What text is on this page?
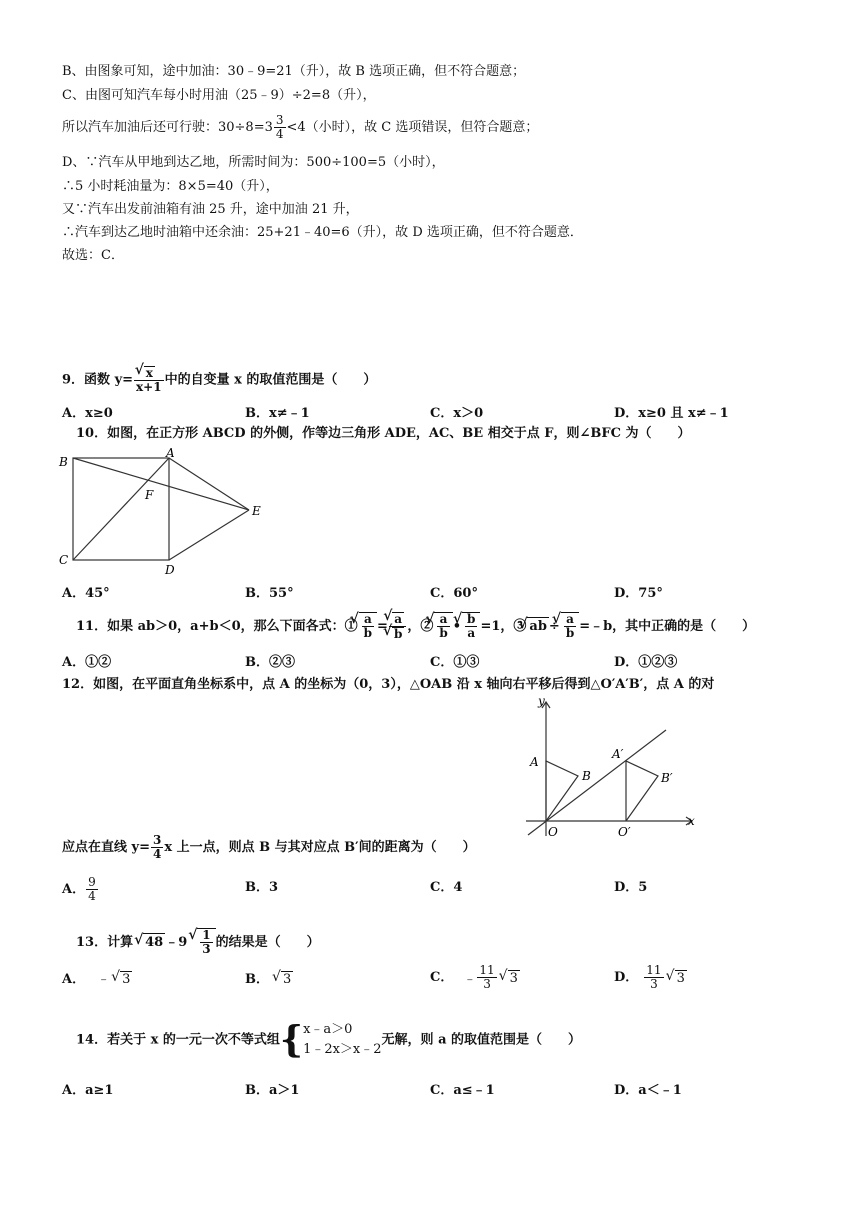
B、由图象可知，途中加油：30﹣9=21（升），故 B 选项正确，但不符合题意；
C、由图可知汽车每小时用油（25﹣9）÷2=8（升），
所以汽车加油后还可行驶：$30\div 8=3 \frac{3}{4} <4$（小时），故 C 选项错误，但符合题意；
D、∵汽车从甲地到达乙地，所需时间为：500÷100=5（小时），
∴5 小时耗油量为：8×5=40（升），
又∵汽车出发前油箱有油 25 升，途中加油 21 升，
∴汽车到达乙地时油箱中还余油：25+21﹣40=6（升），故 D 选项正确，但不符合题意．
故选：C．
9．函数 y= √ $\frac{x}{x+1}$ 中的自变量 x 的取值范围是（　　）
A．x≥0	B．x≠﹣1	C．x＞0	D．x≥0 且 x≠﹣1
10．如图，在正方形 ABCD 的外侧，作等边三角形 ADE，AC、BE 相交于点 F，则∠BFC 为（　　）
B
A
F
E
C
D
A．45°	B．55°	C．60°	D．75°
11．如果 ab＞0，a+b＜0，那么下面各式：① √ $\frac{a}{b}$ = √ a
√ b ，② √ $\frac{a}{b}$ • √ $\frac{b}{a} =1$，③ √ ab ÷ √ $\frac{a}{b}$ =﹣b，其中正确的是（　　）
A．①②	B．②③	C．①③	D．①②③
12．如图，在平面直角坐标系中，点 A 的坐标为（0，3），△OAB 沿 x 轴向右平移后得到△O′A′B′，点 A 的对
y
x
A
B
O
A′
B′
O′
应点在直线 $y= \frac{3}{4}$ x 上一点，则点 B 与其对应点 B′间的距离为（　　）
A． $\frac{9}{4}$	B．3	C．4	D．5
13．计算 √ 48 ﹣9 √ $\frac{1}{3}$ 的结果是（　　）
A． ﹣ √ 3	B． √ 3	C． ﹣ $\frac{11}{3}$ √ 3	D． $\frac{11}{3}$ √ 3
14．若关于 x 的一元一次不等式组{ x﹣a＞0
1﹣2x＞x﹣2
无解，则 a 的取值范围是（　　）
A．a≥1	B．a＞1	C．a≤﹣1	D．a＜﹣1
